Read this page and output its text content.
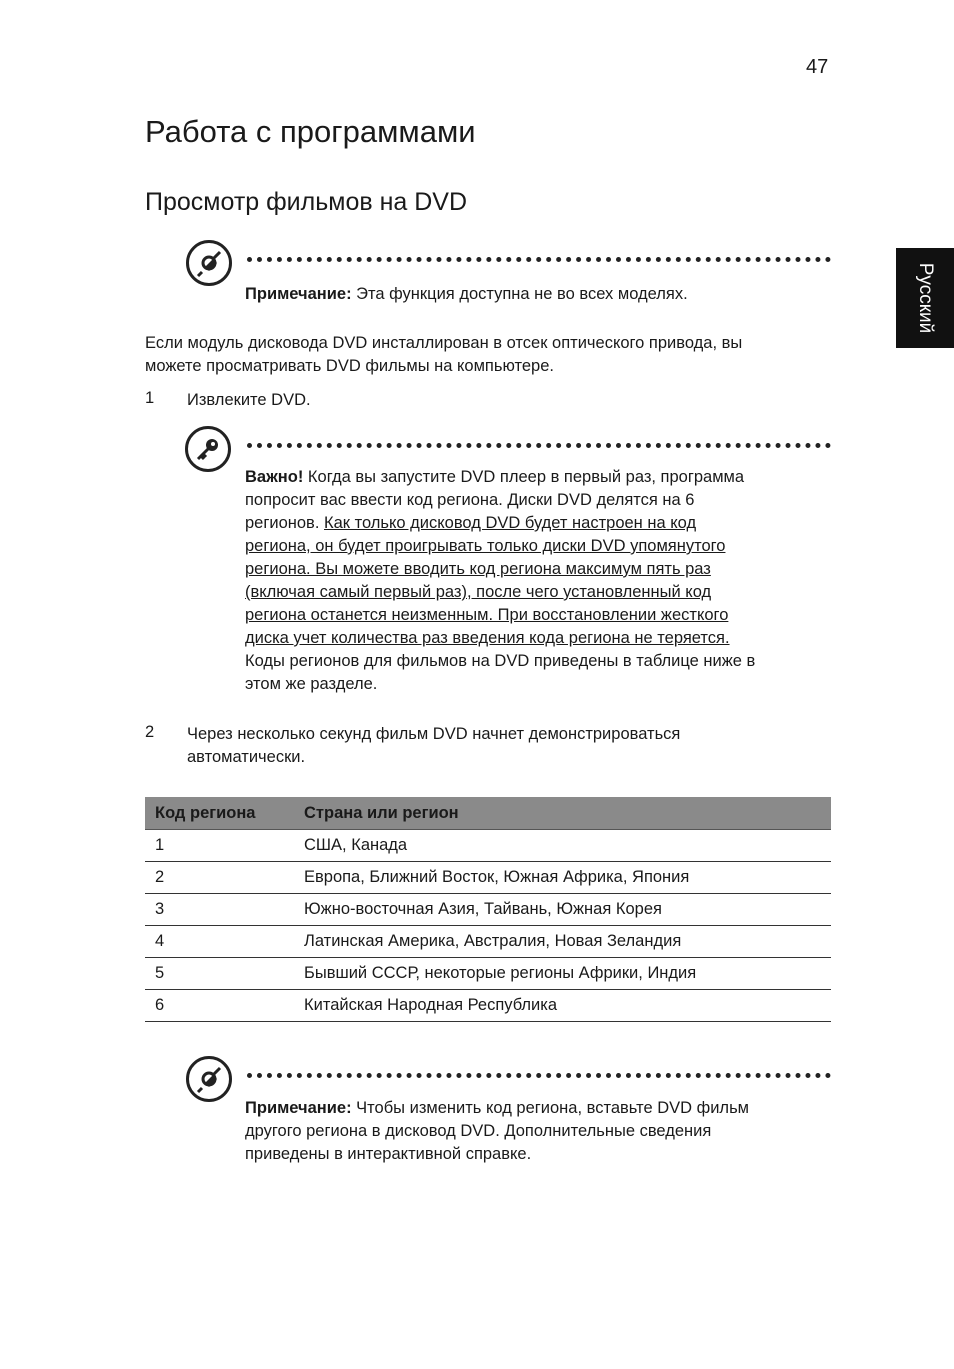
47
Русский
Работа с программами
Просмотр фильмов на DVD
Примечание: Эта функция доступна не во всех моделях.
Если модуль дисковода DVD инсталлирован в отсек оптического привода, вы
можете просматривать DVD фильмы на компьютере.
1 Извлеките DVD.
Важно! Когда вы запустите DVD плеер в первый раз, программа
попросит вас ввести код региона. Диски DVD делятся на 6
регионов. Как только дисковод DVD будет настроен на код
региона, он будет проигрывать только диски DVD упомянутого
региона. Вы можете вводить код региона максимум пять раз
(включая самый первый раз), после чего установленный код
региона останется неизменным. При восстановлении жесткого
диска учет количества раз введения кода региона не теряется.
Коды регионов для фильмов на DVD приведены в таблице ниже в
этом же разделе.
2 Через несколько секунд фильм DVD начнет демонстрироваться
автоматически.
Код региона	Страна или регион
1	США, Канада
2	Европа, Ближний Восток, Южная Африка, Япония
3	Южно-восточная Азия, Тайвань, Южная Корея
4	Латинская Америка, Австралия, Новая Зеландия
5	Бывший СССР, некоторые регионы Африки, Индия
6	Китайская Народная Республика
Примечание: Чтобы изменить код региона, вставьте DVD фильм
другого региона в дисковод DVD. Дополнительные сведения
приведены в интерактивной справке.
